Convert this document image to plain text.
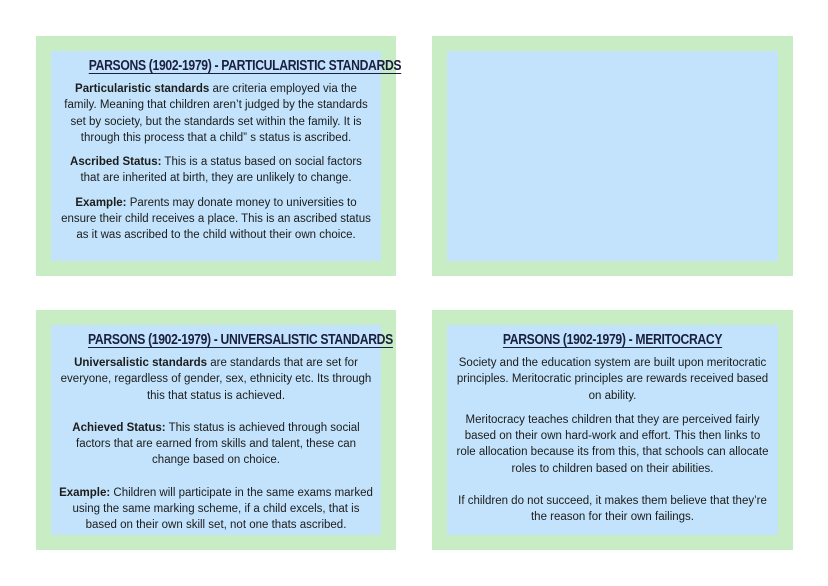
PARSONS (1902-1979) - PARTICULARISTIC STANDARDS

Particularistic standards are criteria employed via the family. Meaning that children aren’t judged by the standards set by society, but the standards set within the family. It is through this process that a child” s status is ascribed.

Ascribed Status: This is a status based on social factors that are inherited at birth, they are unlikely to change.

Example: Parents may donate money to universities to ensure their child receives a place. This is an ascribed status as it was ascribed to the child without their own choice.

PARSONS (1902-1979) - UNIVERSALISTIC STANDARDS

Universalistic standards are standards that are set for everyone, regardless of gender, sex, ethnicity etc. Its through this that status is achieved.

Achieved Status: This status is achieved through social factors that are earned from skills and talent, these can change based on choice.

Example: Children will participate in the same exams marked using the same marking scheme, if a child excels, that is based on their own skill set, not one thats ascribed.

PARSONS (1902-1979) - MERITOCRACY

Society and the education system are built upon meritocratic principles. Meritocratic principles are rewards received based on ability.

Meritocracy teaches children that they are perceived fairly based on their own hard-work and effort. This then links to role allocation because its from this, that schools can allocate roles to children based on their abilities.

If children do not succeed, it makes them believe that they’re the reason for their own failings.
